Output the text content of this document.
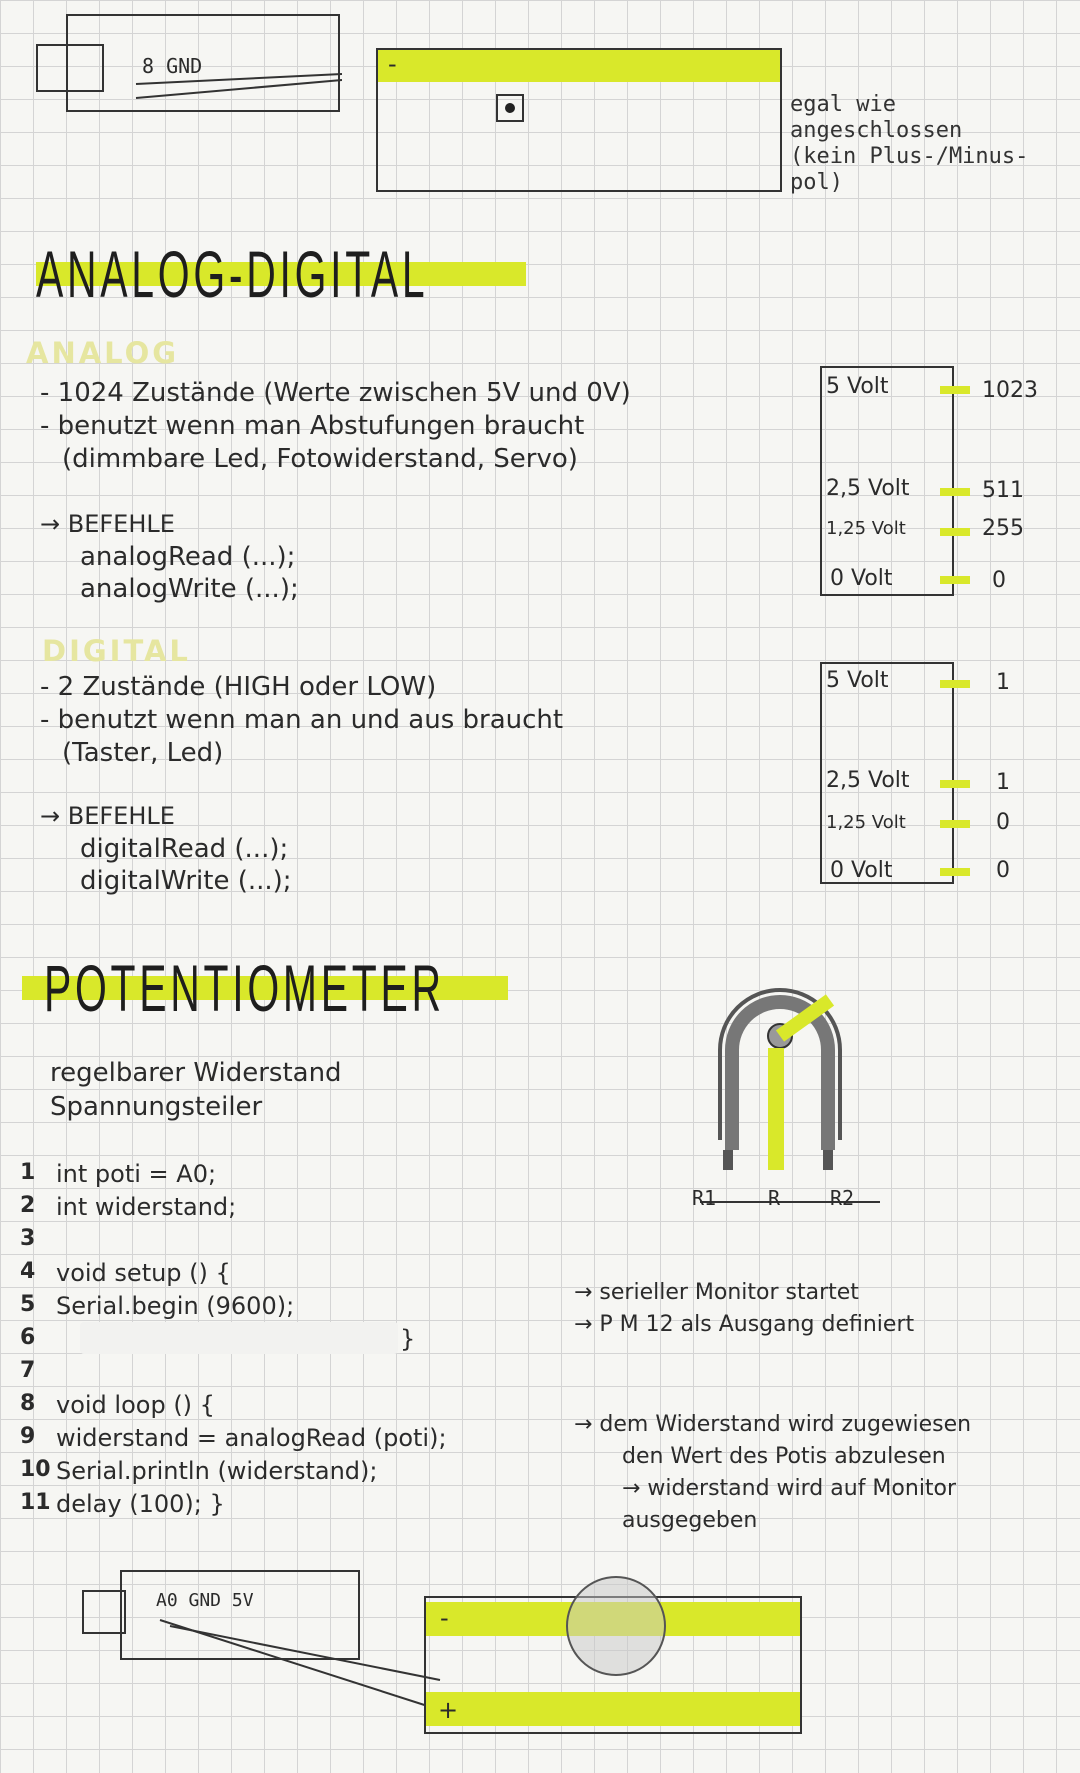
8 GND	-
egal wie
angeschlossen
(kein Plus-/Minus-
pol)
ANALOG-DIGITAL
ANALOG
- 1024 Zustände (Werte zwischen 5V und 0V)
- benutzt wenn man Abstufungen braucht
(dimmbare Led, Fotowiderstand, Servo)
→ BEFEHLE
analogRead (...);
analogWrite (...);
5 Volt	1023
2,5 Volt	511
1,25 Volt	255
0 Volt	0
DIGITAL
- 2 Zustände (HIGH oder LOW)
- benutzt wenn man an und aus braucht
(Taster, Led)
→ BEFEHLE
digitalRead (...);
digitalWrite (...);
5 Volt	1
2,5 Volt	1
1,25 Volt	0
0 Volt	0
POTENTIOMETER
regelbarer Widerstand
Spannungsteiler
R1	R R2
1 int poti = A0;
2 int widerstand;
3
4 void setup () {
5 Serial.begin (9600);
6	}
7
8 void loop () {
9 widerstand = analogRead (poti);
10 Serial.println (widerstand);
11 delay (100); }
→ serieller Monitor startet
→ P M 12 als Ausgang definiert
→ dem Widerstand wird zugewiesen
den Wert des Potis abzulesen
→ widerstand wird auf Monitor
ausgegeben
A0 GND 5V
-
+
